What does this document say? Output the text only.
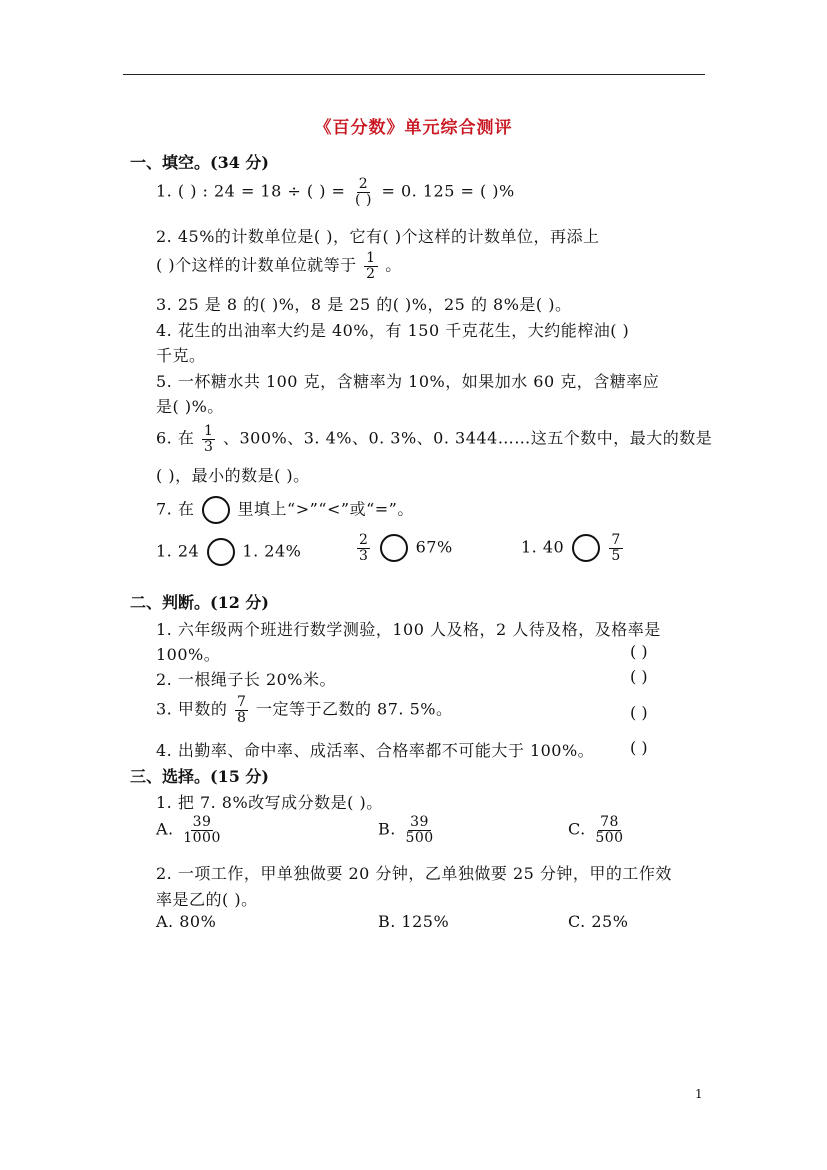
《百分数》单元综合测评
一、填空。(34 分)
1. ( ) : 24 = 18 ÷ ( ) = $\frac{2}{( )} = 0$. 125 = ( )%
2. 45%的计数单位是( )，它有( )个这样的计数单位，再添上
( )个这样的计数单位就等于 $\frac{1}{2}$ 。
3. 25 是 8 的( )%，8 是 25 的( )%，25 的 8%是( )。
4. 花生的出油率大约是 40%，有 150 千克花生，大约能榨油( )
千克。
5. 一杯糖水共 100 克，含糖率为 10%，如果加水 60 克，含糖率应
是( )%。
6. 在 $\frac{1}{3}$ 、300%、3. 4%、0. 3%、0. 3444……这五个数中，最大的数是
( )，最小的数是( )。
7. 在	里填上“>”“<”或“=”。
1. 24	1. 24%	$\frac{2}{3}$	67%	1. 40	$\frac{7}{5}$
二、判断。(12 分)
1. 六年级两个班进行数学测验，100 人及格，2 人待及格，及格率是
100%。	( )
2. 一根绳子长 20%米。	( )
3. 甲数的 $\frac{7}{8}$ 一定等于乙数的 87. 5%。	( )
4. 出勤率、命中率、成活率、合格率都不可能大于 100%。 ( )
三、选择。(15 分)
1. 把 7. 8%改写成分数是( )。
A. $\frac{39}{1000}$	B. $\frac{39}{500}$	C. $\frac{78}{500}$
2. 一项工作，甲单独做要 20 分钟，乙单独做要 25 分钟，甲的工作效
率是乙的( )。
A. 80%	B. 125%	C. 25%
1
